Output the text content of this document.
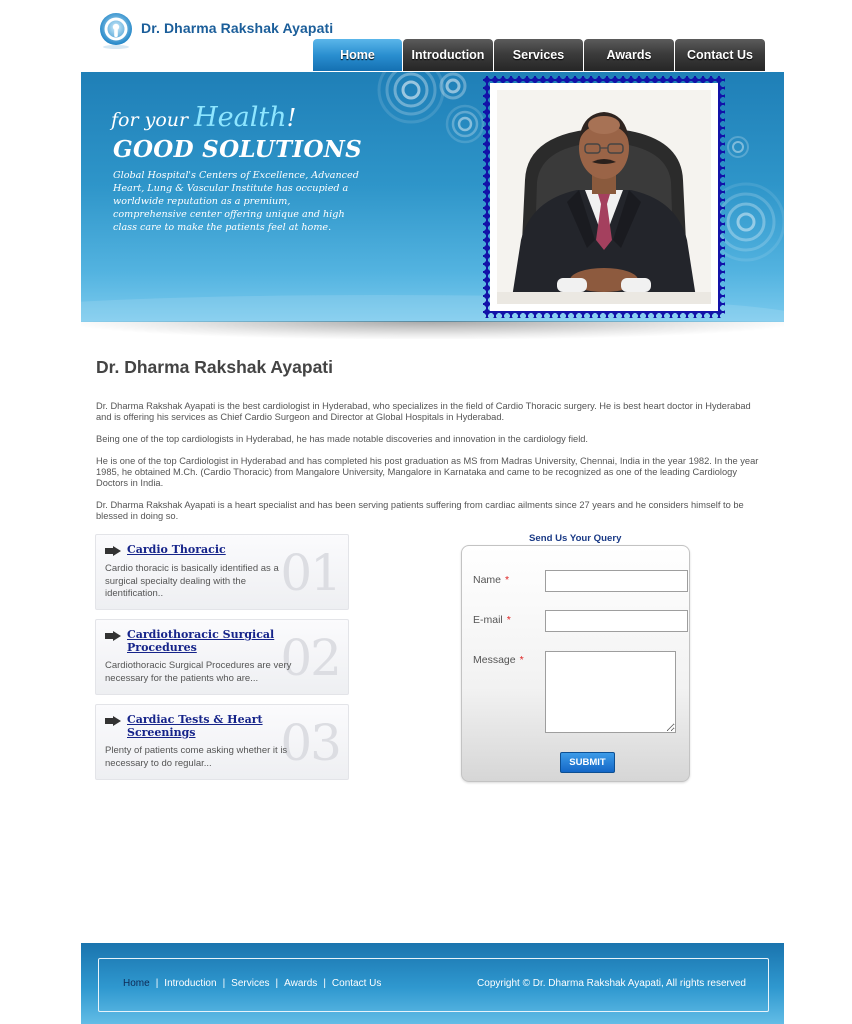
Dr. Dharma Rakshak Ayapati
Home	Introduction	Services	Awards	Contact Us
for your Health!
GOOD SOLUTIONS
Global Hospital's Centers of Excellence, Advanced Heart, Lung & Vascular Institute has occupied a worldwide reputation as a premium, comprehensive center offering unique and high class care to make the patients feel at home.
Dr. Dharma Rakshak Ayapati

Dr. Dharma Rakshak Ayapati is the best cardiologist in Hyderabad, who specializes in the field of Cardio Thoracic surgery. He is best heart doctor in Hyderabad and is offering his services as Chief Cardio Surgeon and Director at Global Hospitals in Hyderabad.

Being one of the top cardiologists in Hyderabad, he has made notable discoveries and innovation in the cardiology field.

He is one of the top Cardiologist in Hyderabad and has completed his post graduation as MS from Madras University, Chennai, India in the year 1982. In the year 1985, he obtained M.Ch. (Cardio Thoracic) from Mangalore University, Mangalore in Karnataka and came to be recognized as one of the leading Cardiology Doctors in India.

Dr. Dharma Rakshak Ayapati is a heart specialist and has been serving patients suffering from cardiac ailments since 27 years and he considers himself to be blessed in doing so.

Cardio Thoracic	01
Cardio thoracic is basically identified as a surgical specialty dealing with the identification..
Cardiothoracic Surgical Procedures	02
Cardiothoracic Surgical Procedures are very necessary for the patients who are...
Cardiac Tests & Heart Screenings	03
Plenty of patients come asking whether it is necessary to do regular...
Send Us Your Query
Name *
E-mail *
Message *
SUBMIT
Home | Introduction | Services | Awards | Contact Us	Copyright © Dr. Dharma Rakshak Ayapati, All rights reserved
